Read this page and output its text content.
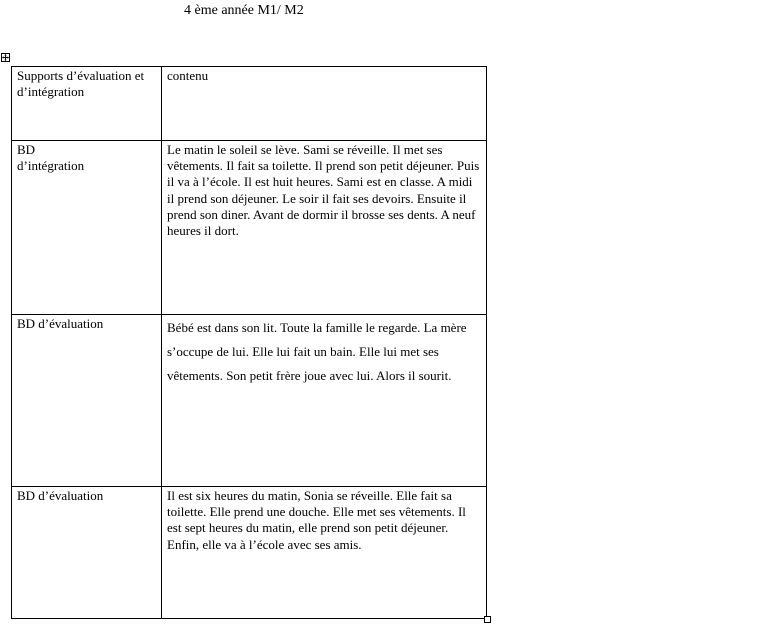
4 ème année M1/ M2
Supports d’évaluation et d’intégration	contenu
BD
d’intégration	Le matin le soleil se lève. Sami se réveille. Il met ses vêtements. Il fait sa toilette. Il prend son petit déjeuner. Puis il va à l’école. Il est huit heures. Sami est en classe. A midi il prend son déjeuner. Le soir il fait ses devoirs. Ensuite il prend son diner. Avant de dormir il brosse ses dents. A neuf heures il dort.
BD d’évaluation	Bébé est dans son lit. Toute la famille le regarde. La mère s’occupe de lui. Elle lui fait un bain. Elle lui met ses vêtements. Son petit frère joue avec lui. Alors il sourit.
BD d’évaluation	Il est six heures du matin, Sonia se réveille. Elle fait sa toilette. Elle prend une douche. Elle met ses vêtements. Il est sept heures du matin, elle prend son petit déjeuner. Enfin, elle va à l’école avec ses amis.
